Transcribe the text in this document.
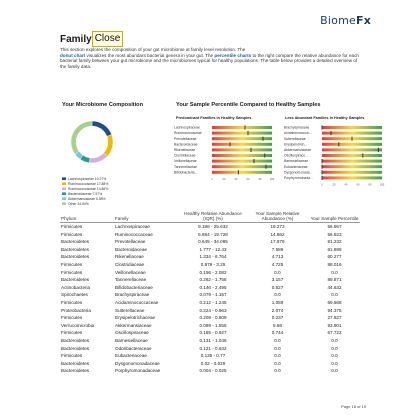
BiomeFx
Family Close
This section explores the composition of your gut microbiome at family level resolution. The
donut chart visualizes the most abundant bacterial genera in your gut. The percentile charts to the right compare the relative abundance for each bacterial family between your gut microbiome and the microbiomes typical for healthy populations. The table below provides a detailed overview of the family data.
Your Microbiome Composition	Your Sample Percentile Compared to Healthy Samples
Predominant Families in Healthy Samples	Less Abundant Families in Healthy Samples
Lachnospiraceae 19.27%
Ruminococcaceae 17.88%
Ruminococcaceae 14.86%
Bacteroidaceae 7.57%
Akkermansiaceae 5.58%
Other 34.84%
Lachnospiraceae
Ruminococcaceae
Prevotellaceae
Bacteroidaceae
Rikenellaceae
Clostridiaceae
Veillonellaceae
Tannerellaceae
Bifidobacteria...
0	20	40	60	80	100
Brachyspiraceae
Acidaminococca...
Sutterellaceae
Erysipelotrich...
Akkermansiaceae
Oscillospirace...
Barnesiellaceae
Eubacteriaceae
Dysgonomonada...
Porphyromonada...
0	20	40	60	80	100
Phylum	Family	Healthy Relative Abundance (IQR) (%)	Your Sample Relative Abundance (%)	Your Sample Percentile
Firmicutes	Lachnospiraceae	9.186 - 25.632	19.273	56.967
Firmicutes	Ruminococcaceae	6.684 - 19.728	14.862	56.923
Bacteroidetes	Prevotellaceae	0.645 - 34.095	17.879	81.232
Bacteroidetes	Bacteroidaceae	1.777 - 12.43	7.589	61.888
Bacteroidetes	Rikenellaceae	1.334 - 6.764	4.713	60.277
Firmicutes	Clostridiaceae	0.879 - 3.25	4.725	88.016
Firmicutes	Veillonellaceae	0.156 - 2.082	0.0	0.0
Bacteroidetes	Tannerellaceae	0.262 - 1.758	3.157	88.871
Actinobacteria	Bifidobacteriaceae	0.146 - 2.495	0.527	44.632
Spirochaetes	Brachyspiraceae	0.079 - 1.157	0.0	0.0
Firmicutes	Acidaminococcaceae	0.212 - 1.245	1.089	69.568
Proteobacteria	Sutterellaceae	0.224 - 0.963	2.074	94.375
Firmicutes	Erysipelotrichaceae	0.209 - 0.609	0.237	27.827
Verrucomicrobia	Akkermansiaceae	0.089 - 1.556	5.58	93.901
Firmicutes	Oscillospiraceae	0.185 - 0.927	0.744	67.722
Bacteroidetes	Barnesiellaceae	0.131 - 1.046	0.0	0.0
Bacteroidetes	Odoribacteraceae	0.121 - 0.632	0.0	0.0
Firmicutes	Eubacteriaceae	0.135 - 0.77	0.0	0.0
Bacteroidetes	Dysgonomonadaceae	0.02 - 0.029	0.0	0.0
Bacteroidetes	Porphyromonadaceae	0.004 - 0.025	0.0	0.0
Page 18 of 19
